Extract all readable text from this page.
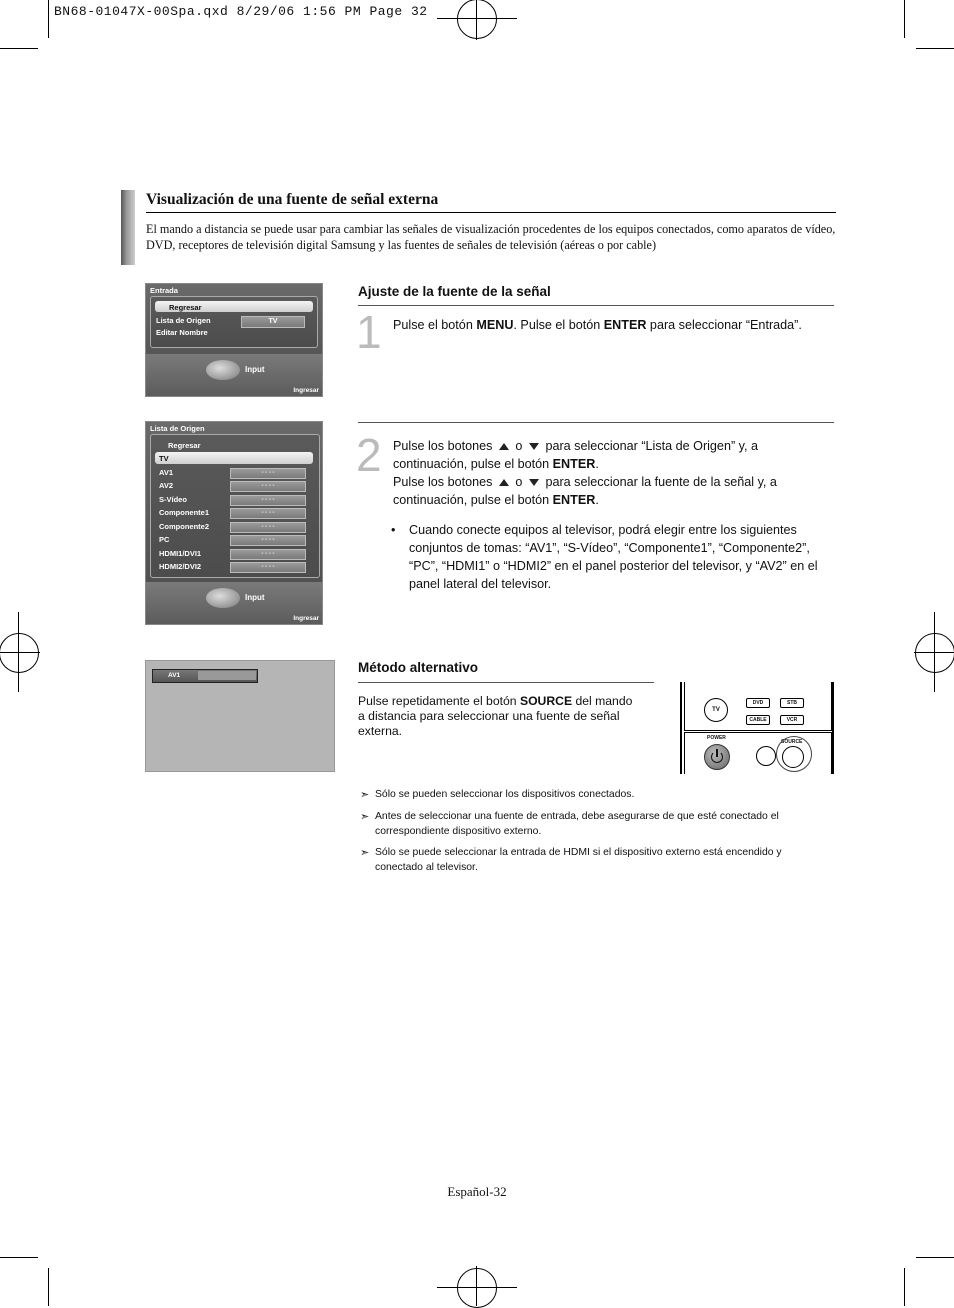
BN68-01047X-00Spa.qxd 8/29/06 1:56 PM Page 32
Visualización de una fuente de señal externa
El mando a distancia se puede usar para cambiar las señales de visualización procedentes de los equipos conectados, como aparatos de vídeo, DVD, receptores de televisión digital Samsung y las fuentes de señales de televisión (aéreas o por cable)
Entrada
Regresar
Lista de Origen	TV
Editar Nombre
Input
Ingresar
Lista de Origen
Regresar
TV
AV1	- - - -
AV2	- - - -
S-Vídeo	- - - -
Componente1	- - - -
Componente2	- - - -
PC	- - - -
HDMI1/DVI1	- - - -
HDMI2/DVI2	- - - -
Input
Ingresar
AV1
Ajuste de la fuente de la señal
1 Pulse el botón MENU. Pulse el botón ENTER para seleccionar “Entrada”.
2 Pulse los botones o para seleccionar “Lista de Origen” y, a
continuación, pulse el botón ENTER.
Pulse los botones o para seleccionar la fuente de la señal y, a
continuación, pulse el botón ENTER.
• Cuando conecte equipos al televisor, podrá elegir entre los siguientes conjuntos de tomas: “AV1”, “S-Vídeo”, “Componente1”, “Componente2”, “PC”, “HDMI1” o “HDMI2” en el panel posterior del televisor, y “AV2” en el panel lateral del televisor.
Método alternativo
Pulse repetidamente el botón SOURCE del mando a distancia para seleccionar una fuente de señal externa.
TV
DVD	STB
CABLE	VCR
POWER
SOURCE
➣ Sólo se pueden seleccionar los dispositivos conectados.
➣ Antes de seleccionar una fuente de entrada, debe asegurarse de que esté conectado el correspondiente dispositivo externo.
➣ Sólo se puede seleccionar la entrada de HDMI si el dispositivo externo está encendido y conectado al televisor.
Español-32
